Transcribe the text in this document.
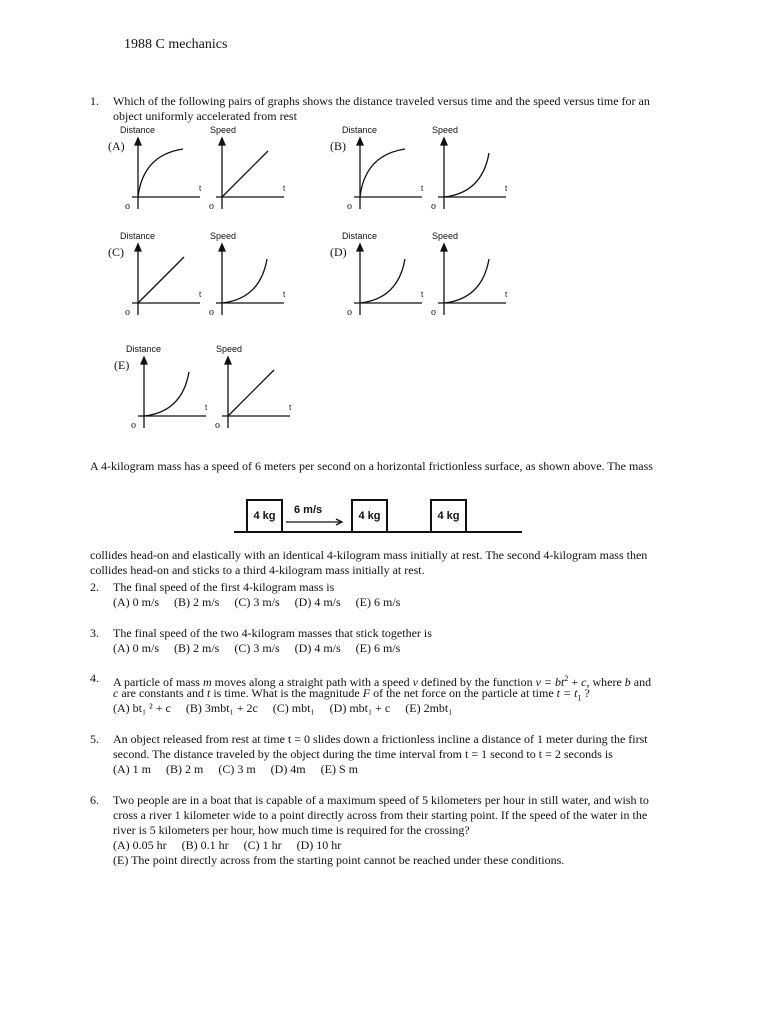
1988 C mechanics
1. Which of the following pairs of graphs shows the distance traveled versus time and the speed versus time for an
object uniformly accelerated from rest
(A)
Distance
o
t
Speed
o
t
(B)
Distance
o
t
Speed
o
t
(C)
Distance
o
t
Speed
o
t
(D)
Distance
o
t
Speed
o
t
(E)
Distance
o
t
Speed
o
t
A 4-kilogram mass has a speed of 6 meters per second on a horizontal frictionless surface, as shown above. The mass
4 kg	6 m/s	4 kg	4 kg
collides head-on and elastically with an identical 4-kilogram mass initially at rest. The second 4-kilogram mass then
collides head-on and sticks to a third 4-kilogram mass initially at rest.
2. The final speed of the first 4-kilogram mass is
(A) 0 m/s     (B) 2 m/s     (C) 3 m/s     (D) 4 m/s     (E) 6 m/s
3. The final speed of the two 4-kilogram masses that stick together is
(A) 0 m/s     (B) 2 m/s     (C) 3 m/s     (D) 4 m/s     (E) 6 m/s
4. A particle of mass m moves along a straight path with a speed v defined by the function $v = bt^2 + c$, where b and
c are constants and t is time. What is the magnitude F of the net force on the particle at time $t = t_1$ ?
(A) bt₁ ² + c     (B) 3mbt₁ + 2c     (C) mbt₁     (D) mbt₁ + c     (E) 2mbt₁
5. An object released from rest at time t = 0 slides down a frictionless incline a distance of 1 meter during the first
second. The distance traveled by the object during the time interval from t = 1 second to t = 2 seconds is
(A) 1 m     (B) 2 m     (C) 3 m     (D) 4m     (E) S m
6. Two people are in a boat that is capable of a maximum speed of 5 kilometers per hour in still water, and wish to
cross a river 1 kilometer wide to a point directly across from their starting point. If the speed of the water in the
river is 5 kilometers per hour, how much time is required for the crossing?
(A) 0.05 hr     (B) 0.1 hr     (C) 1 hr     (D) 10 hr
(E) The point directly across from the starting point cannot be reached under these conditions.
